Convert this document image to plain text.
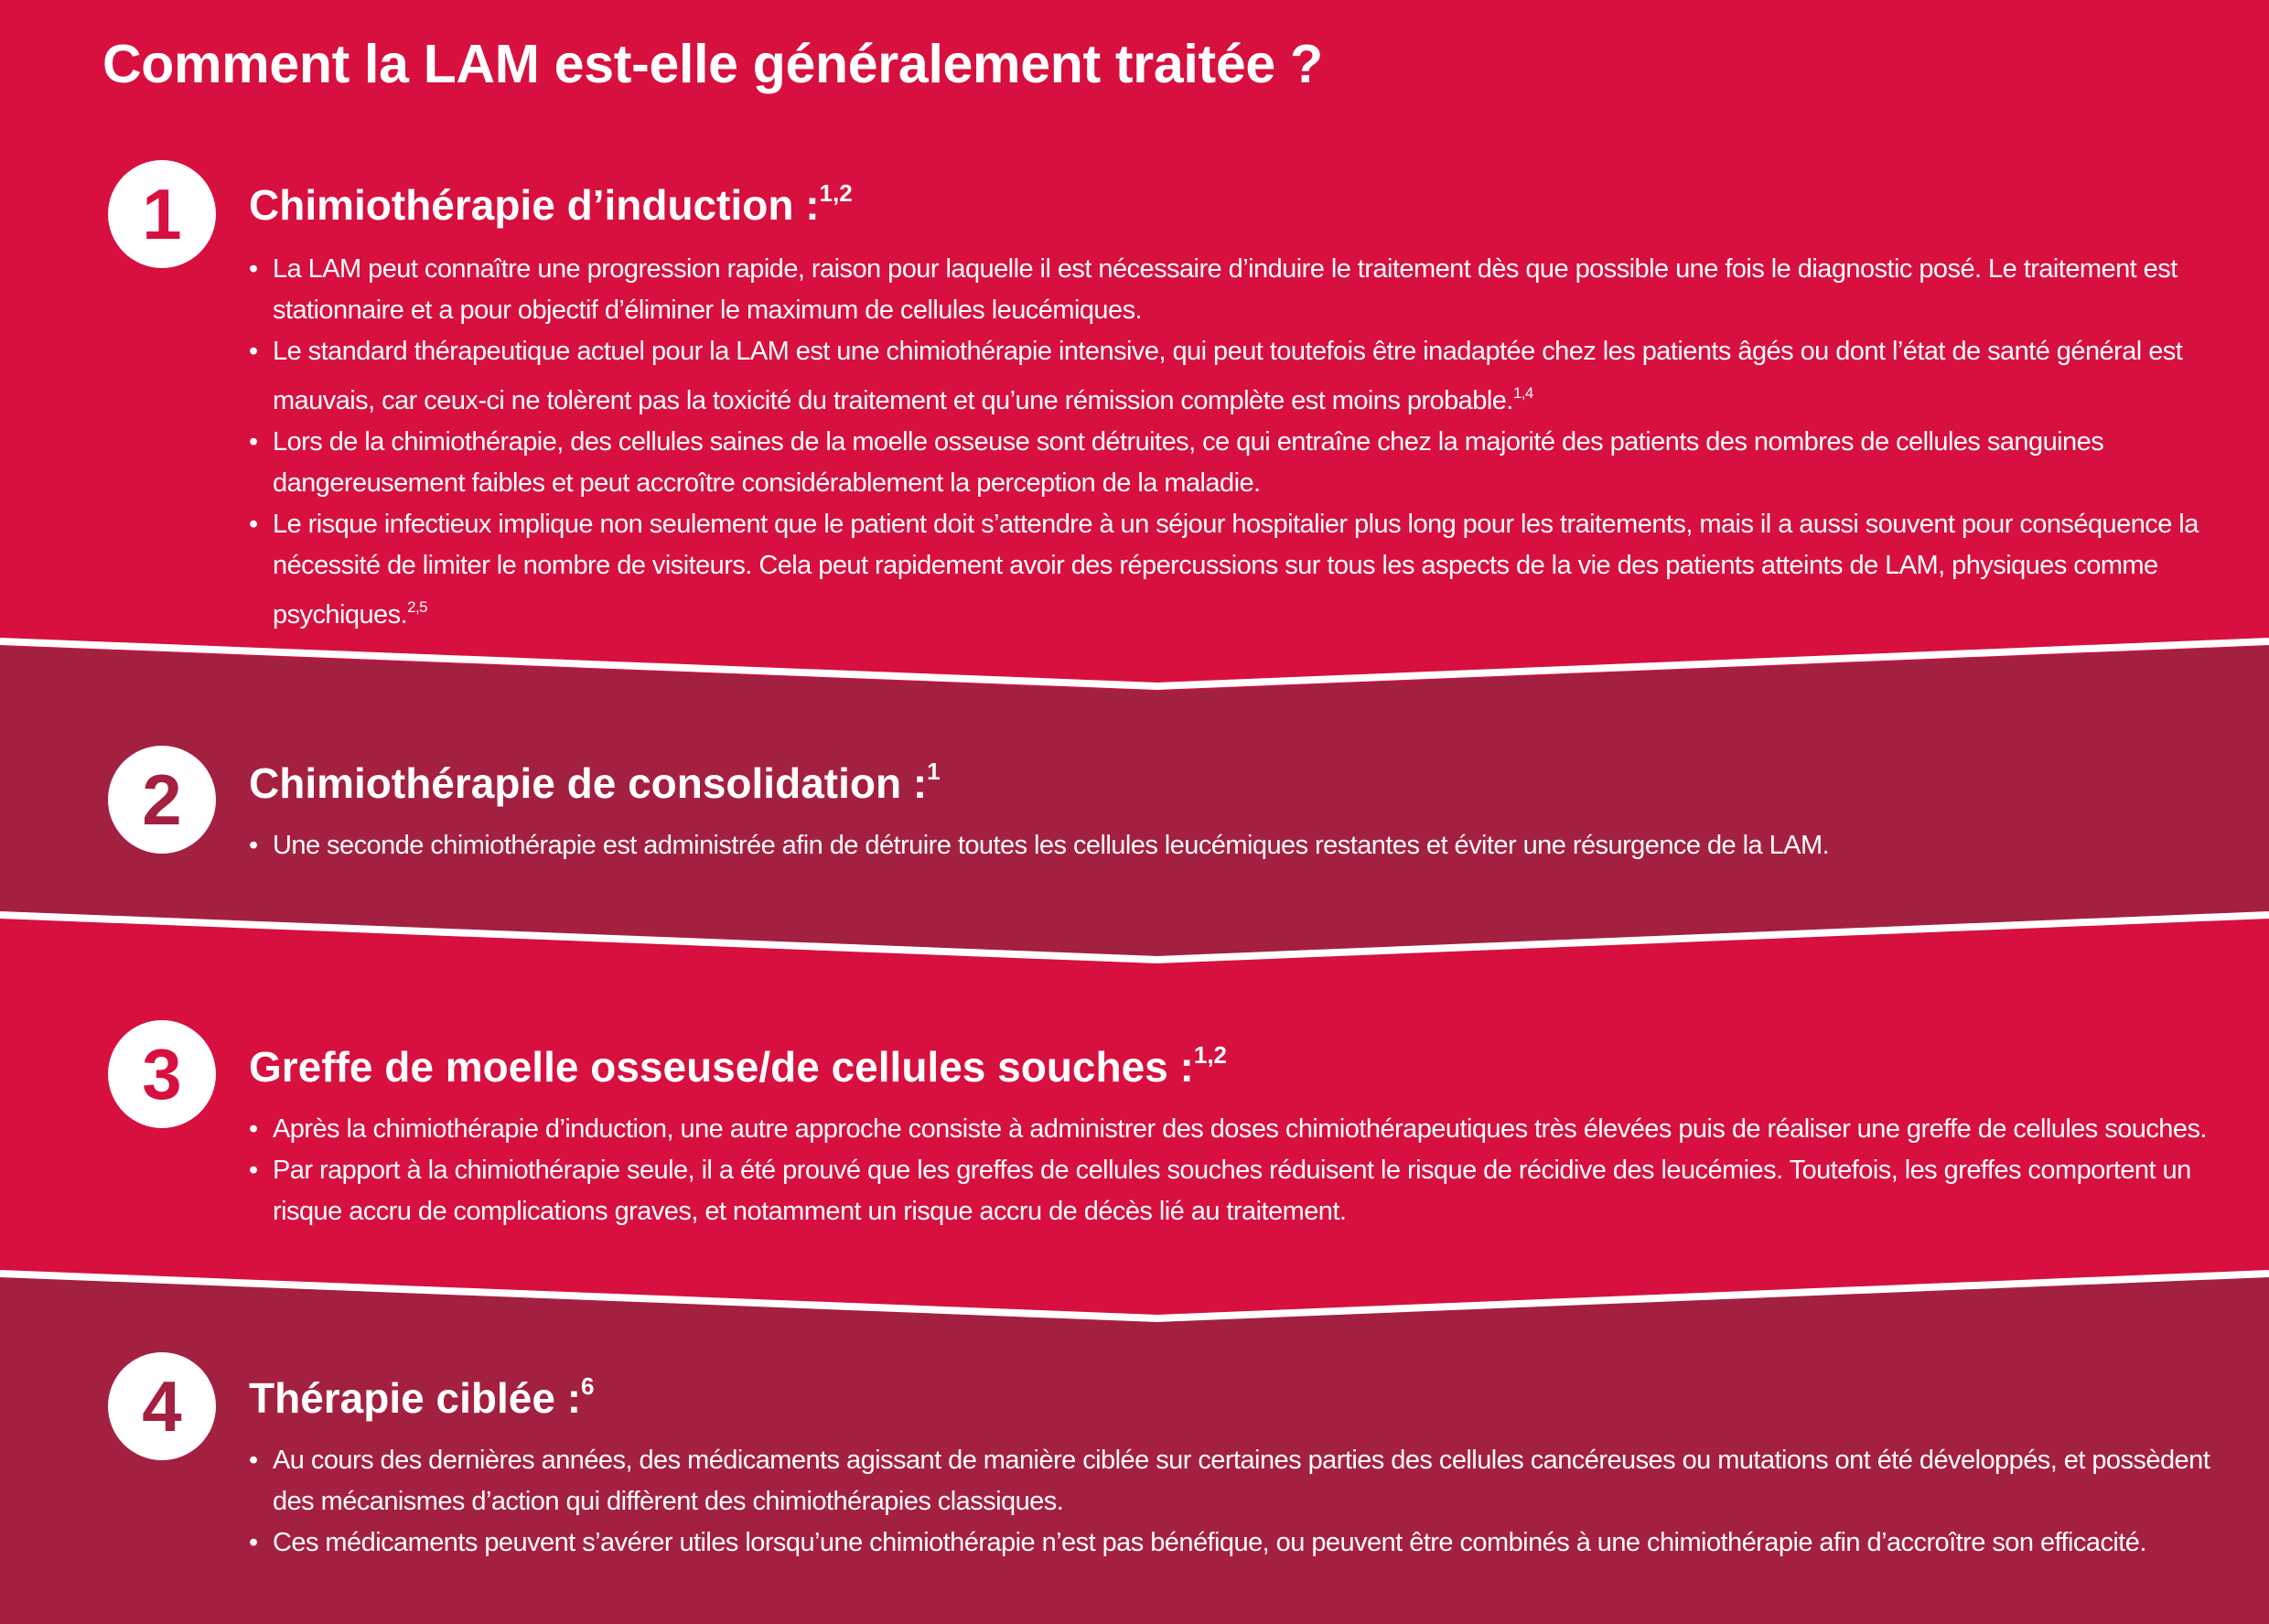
Comment la LAM est-elle généralement traitée ?
1 Chimiothérapie d’induction :$^{1,2}$
• La LAM peut connaître une progression rapide, raison pour laquelle il est nécessaire d’induire le traitement dès que possible une fois le diagnostic posé. Le traitement est stationnaire et a pour objectif d’éliminer le maximum de cellules leucémiques.
• Le standard thérapeutique actuel pour la LAM est une chimiothérapie intensive, qui peut toutefois être inadaptée chez les patients âgés ou dont l’état de santé général est mauvais, car ceux-ci ne tolèrent pas la toxicité du traitement et qu’une rémission complète est moins probable.$^{1,4}$
• Lors de la chimiothérapie, des cellules saines de la moelle osseuse sont détruites, ce qui entraîne chez la majorité des patients des nombres de cellules sanguines dangereusement faibles et peut accroître considérablement la perception de la maladie.
• Le risque infectieux implique non seulement que le patient doit s’attendre à un séjour hospitalier plus long pour les traitements, mais il a aussi souvent pour conséquence la nécessité de limiter le nombre de visiteurs. Cela peut rapidement avoir des répercussions sur tous les aspects de la vie des patients atteints de LAM, physiques comme psychiques.$^{2,5}$
2 Chimiothérapie de consolidation :$^1$
• Une seconde chimiothérapie est administrée afin de détruire toutes les cellules leucémiques restantes et éviter une résurgence de la LAM.
3 Greffe de moelle osseuse/de cellules souches :$^{1,2}$
• Après la chimiothérapie d’induction, une autre approche consiste à administrer des doses chimiothérapeutiques très élevées puis de réaliser une greffe de cellules souches.
• Par rapport à la chimiothérapie seule, il a été prouvé que les greffes de cellules souches réduisent le risque de récidive des leucémies. Toutefois, les greffes comportent un risque accru de complications graves, et notamment un risque accru de décès lié au traitement.
4 Thérapie ciblée :$^6$
• Au cours des dernières années, des médicaments agissant de manière ciblée sur certaines parties des cellules cancéreuses ou mutations ont été développés, et possèdent des mécanismes d’action qui diffèrent des chimiothérapies classiques.
• Ces médicaments peuvent s’avérer utiles lorsqu’une chimiothérapie n’est pas bénéfique, ou peuvent être combinés à une chimiothérapie afin d’accroître son efficacité.
